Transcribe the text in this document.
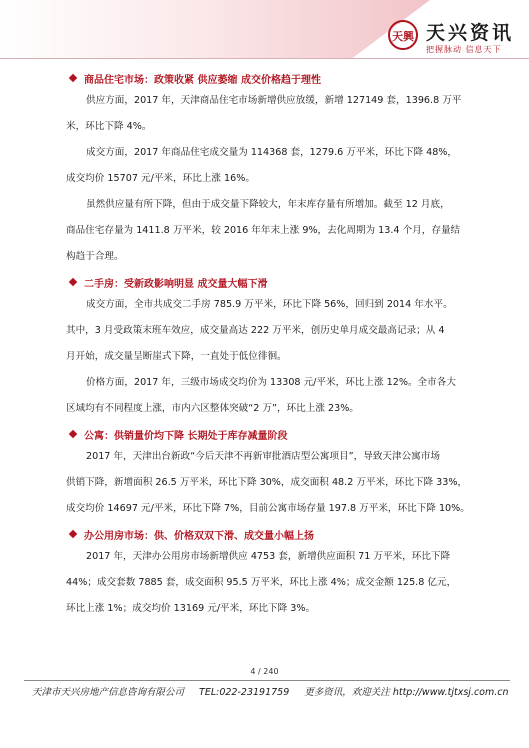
天興 天兴资讯
把握脉动 信息天下
商品住宅市场：政策收紧 供应萎缩 成交价格趋于理性

供应方面，2017 年，天津商品住宅市场新增供应放缓，新增 127149 套，1396.8 万平
米，环比下降 4%。

成交方面，2017 年商品住宅成交量为 114368 套，1279.6 万平米，环比下降 48%，
成交均价 15707 元/平米，环比上涨 16%。

虽然供应量有所下降，但由于成交量下降较大，年末库存量有所增加。截至 12 月底，
商品住宅存量为 1411.8 万平米，较 2016 年年末上涨 9%，去化周期为 13.4 个月，存量结
构趋于合理。

二手房：受新政影响明显 成交量大幅下滑

成交方面，全市共成交二手房 785.9 万平米，环比下降 56%，回归到 2014 年水平。
其中，3 月受政策末班车效应，成交量高达 222 万平米，创历史单月成交最高记录；从 4
月开始，成交量呈断崖式下降，一直处于低位徘徊。

价格方面，2017 年，三级市场成交均价为 13308 元/平米，环比上涨 12%。全市各大
区域均有不同程度上涨，市内六区整体突破“2 万”，环比上涨 23%。

公寓：供销量价均下降 长期处于库存减量阶段

2017 年，天津出台新政“今后天津不再新审批酒店型公寓项目”，导致天津公寓市场
供销下降，新增面积 26.5 万平米，环比下降 30%，成交面积 48.2 万平米，环比下降 33%，
成交均价 14697 元/平米，环比下降 7%，目前公寓市场存量 197.8 万平米，环比下降 10%。

办公用房市场：供、价格双双下滑、成交量小幅上扬

2017 年，天津办公用房市场新增供应 4753 套，新增供应面积 71 万平米，环比下降
44%；成交套数 7885 套，成交面积 95.5 万平米，环比上涨 4%；成交金额 125.8 亿元，
环比上涨 1%；成交均价 13169 元/平米，环比下降 3%。

4 / 240
天津市天兴房地产信息咨询有限公司 TEL:022-23191759 更多资讯，欢迎关注 http://www.tjtxsj.com.cn
